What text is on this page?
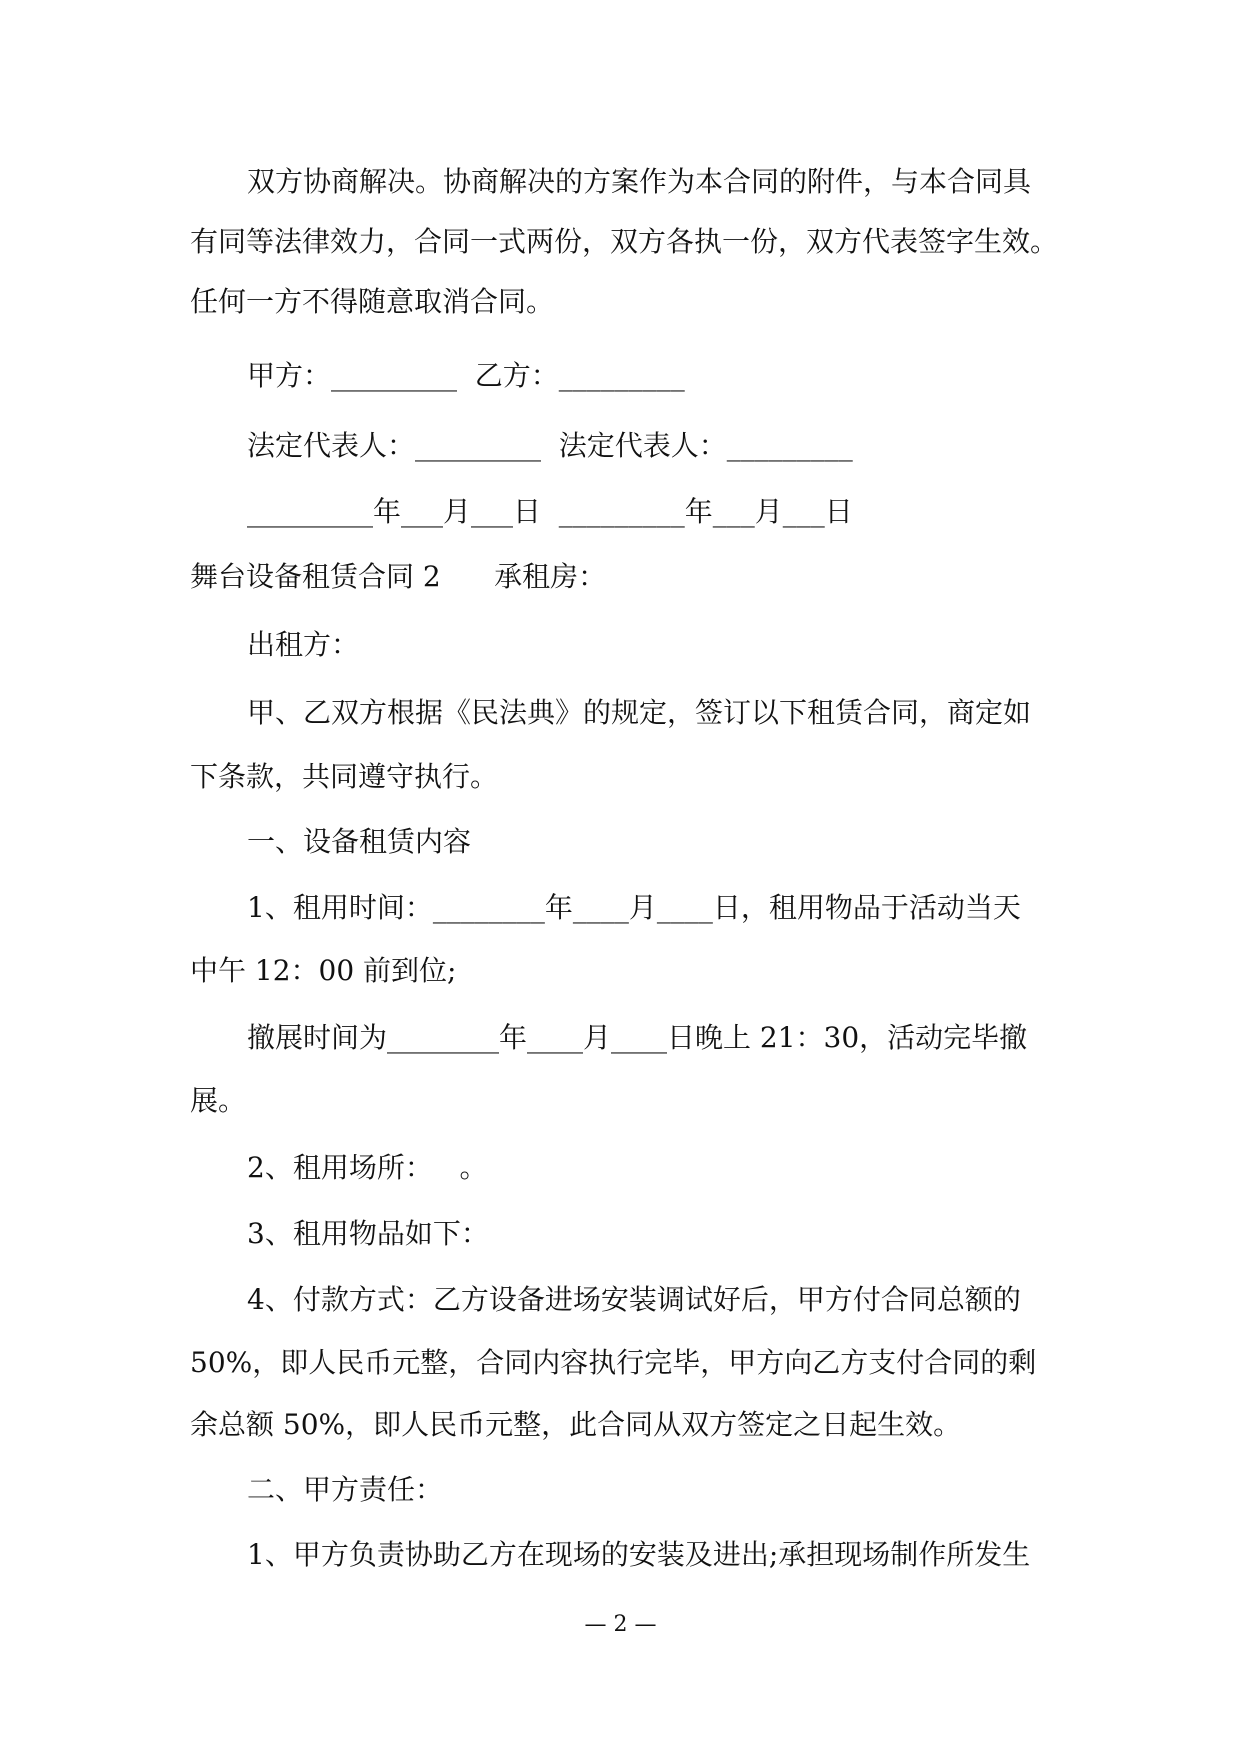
双方协商解决。协商解决的方案作为本合同的附件，与本合同具
有同等法律效力，合同一式两份，双方各执一份，双方代表签字生效。
任何一方不得随意取消合同。
甲方：_________  乙方：_________
法定代表人：_________  法定代表人：_________
_________年___月___日  _________年___月___日
舞台设备租赁合同 2      承租房：
出租方：
甲、乙双方根据《民法典》的规定，签订以下租赁合同，商定如
下条款，共同遵守执行。
一、设备租赁内容
1、租用时间：________年____月____日，租用物品于活动当天
中午 12：00 前到位;
撤展时间为________年____月____日晚上 21：30，活动完毕撤
展。
2、租用场所：   。
3、租用物品如下：
4、付款方式：乙方设备进场安装调试好后，甲方付合同总额的
50%，即人民币元整，合同内容执行完毕，甲方向乙方支付合同的剩
余总额 50%，即人民币元整，此合同从双方签定之日起生效。
二、甲方责任：
1、甲方负责协助乙方在现场的安装及进出;承担现场制作所发生
— 2 —
